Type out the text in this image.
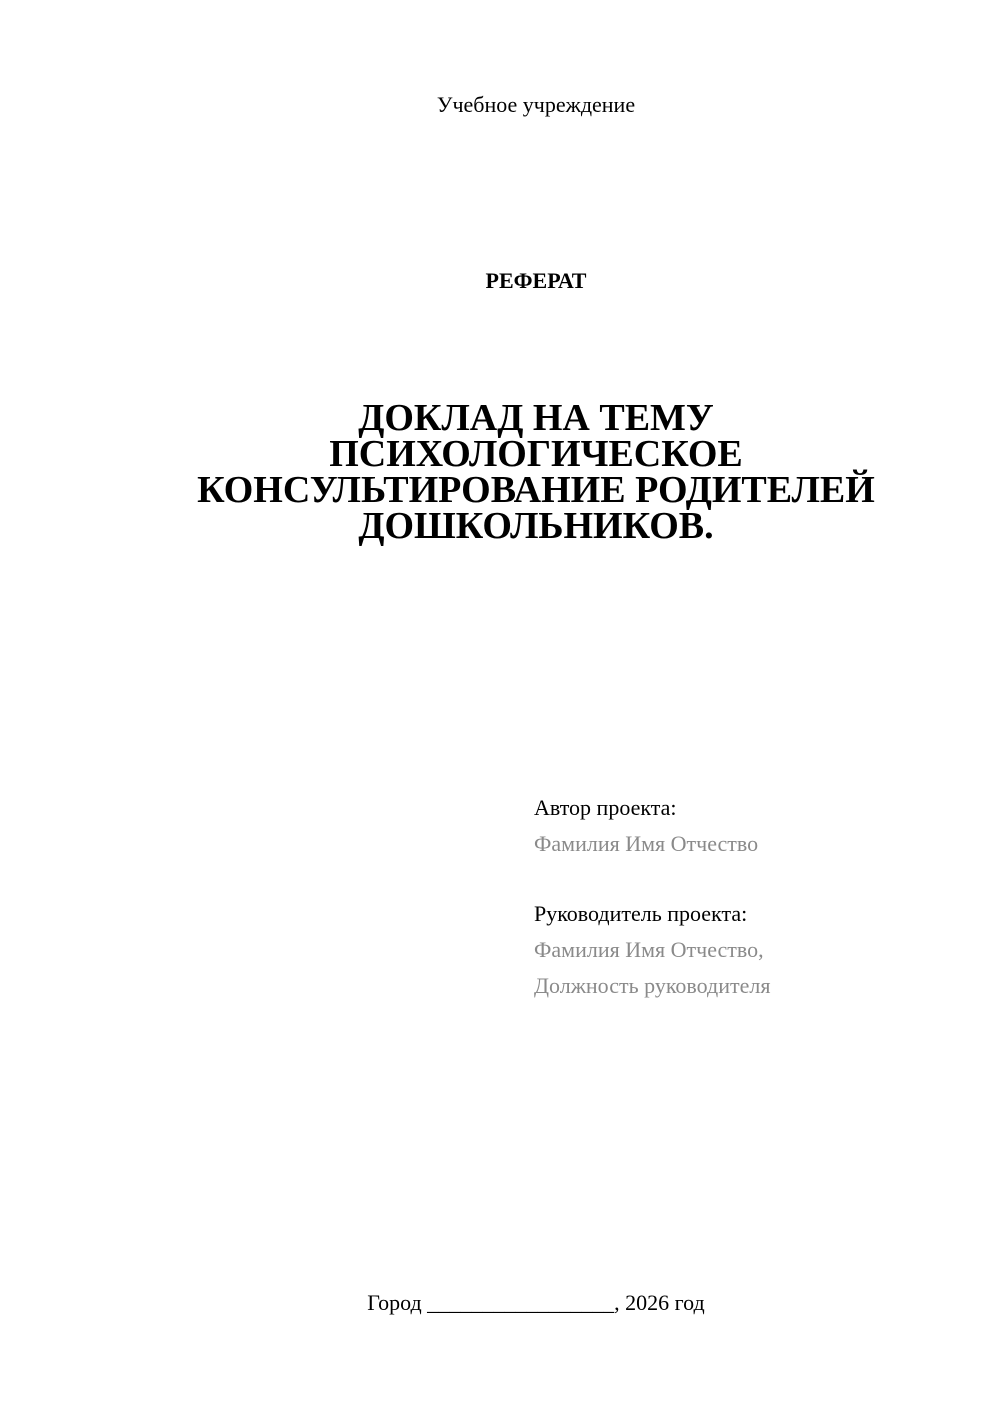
Учебное учреждение
РЕФЕРАТ
ДОКЛАД НА ТЕМУ
ПСИХОЛОГИЧЕСКОЕ
КОНСУЛЬТИРОВАНИЕ РОДИТЕЛЕЙ
ДОШКОЛЬНИКОВ.
Автор проекта:
Фамилия Имя Отчество
Руководитель проекта:
Фамилия Имя Отчество,
Должность руководителя
Город _________________, 2026 год
